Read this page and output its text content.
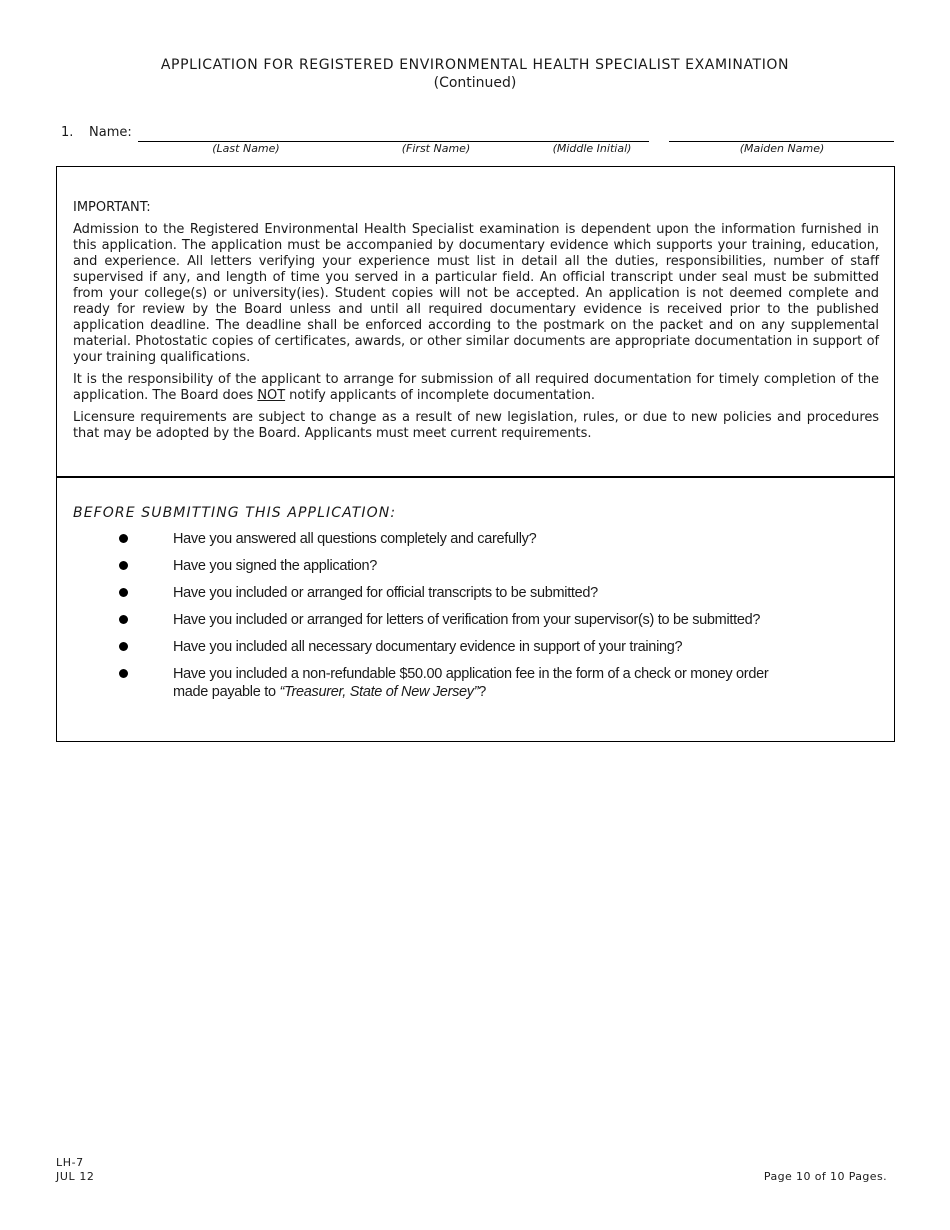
APPLICATION FOR REGISTERED ENVIRONMENTAL HEALTH SPECIALIST EXAMINATION
(Continued)
1. Name:
(Last Name)	(First Name)	(Middle Initial)	(Maiden Name)
IMPORTANT:

Admission to the Registered Environmental Health Specialist examination is dependent upon the information furnished in this application. The application must be accompanied by documentary evidence which supports your training, education, and experience. All letters verifying your experience must list in detail all the duties, responsibilities, number of staff supervised if any, and length of time you served in a particular field. An official transcript under seal must be submitted from your college(s) or university(ies). Student copies will not be accepted. An application is not deemed complete and ready for review by the Board unless and until all required documentary evidence is received prior to the published application deadline. The deadline shall be enforced according to the postmark on the packet and on any supplemental material. Photostatic copies of certificates, awards, or other similar documents are appropriate documentation in support of your training qualifications.

It is the responsibility of the applicant to arrange for submission of all required documentation for timely completion of the application. The Board does NOT notify applicants of incomplete documentation.

Licensure requirements are subject to change as a result of new legislation, rules, or due to new policies and procedures that may be adopted by the Board. Applicants must meet current requirements.

BEFORE SUBMITTING THIS APPLICATION:
Have you answered all questions completely and carefully?
Have you signed the application?
Have you included or arranged for official transcripts to be submitted?
Have you included or arranged for letters of verification from your supervisor(s) to be submitted?
Have you included all necessary documentary evidence in support of your training?
Have you included a non-refundable $50.00 application fee in the form of a check or money order
made payable to “Treasurer, State of New Jersey”?
LH-7
JUL 12	Page 10 of 10 Pages.
